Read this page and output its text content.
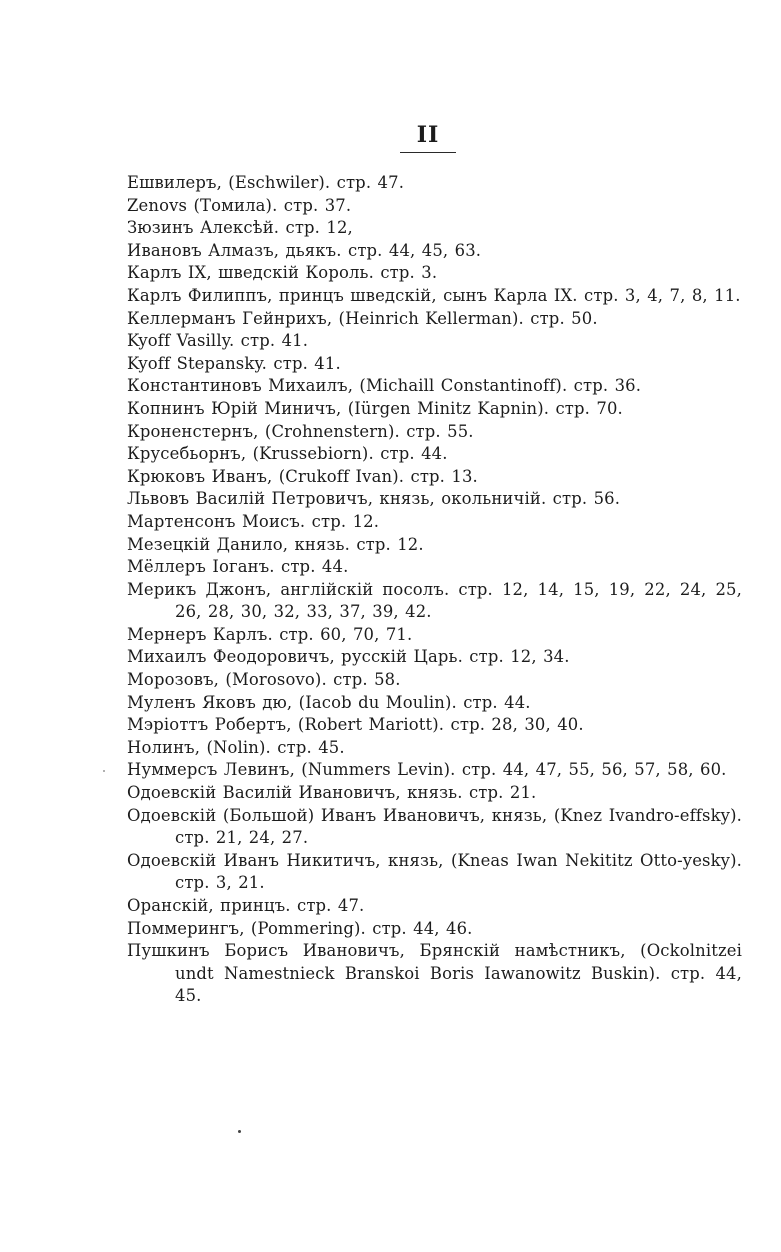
II
Ешвилеръ, (Eschwiler). стр. 47.
Zenovs (Томила). стр. 37.
Зюзинъ Алексѣй. стр. 12,
Ивановъ Алмазъ, дьякъ. стр. 44, 45, 63.
Карлъ IX, шведскій Король. стр. 3.
Карлъ Филиппъ, принцъ шведскій, сынъ Карла IX. стр. 3, 4, 7, 8, 11.
Келлерманъ Гейнрихъ, (Heinrich Kellerman). стр. 50.
Kyoff Vasilly. стр. 41.
Kyoff Stepansky. стр. 41.
Константиновъ Михаилъ, (Michaill Constantinoff). стр. 36.
Копнинъ Юрій Миничъ, (Iürgen Minitz Kapnin). стр. 70.
Кроненстернъ, (Crohnenstern). стр. 55.
Крусебьорнъ, (Krussebiorn). стр. 44.
Крюковъ Иванъ, (Crukoff Ivan). стр. 13.
Львовъ Василій Петровичъ, князь, окольничій. стр. 56.
Мартенсонъ Моисъ. стр. 12.
Мезецкій Данило, князь. стр. 12.
Мёллеръ Іоганъ. стр. 44.
Мерикъ Джонъ, англійскій посолъ. стр. 12, 14, 15, 19, 22, 24, 25, 26, 28, 30, 32, 33, 37, 39, 42.
Мернеръ Карлъ. стр. 60, 70, 71.
Михаилъ Феодоровичъ, русскій Царь. стр. 12, 34.
Морозовъ, (Morosovo). стр. 58.
Муленъ Яковъ дю, (Iacob du Moulin). стр. 44.
Мэріоттъ Робертъ, (Robert Mariott). стр. 28, 30, 40.
Нолинъ, (Nolin). стр. 45.
Нуммерсъ Левинъ, (Nummers Levin). стр. 44, 47, 55, 56, 57, 58, 60.
Одоевскій Василій Ивановичъ, князь. стр. 21.
Одоевскій (Большой) Иванъ Ивановичъ, князь, (Knez Ivandro-effsky). стр. 21, 24, 27.
Одоевскій Иванъ Никитичъ, князь, (Kneas Iwan Nekititz Otto-yesky). стр. 3, 21.
Оранскій, принцъ. стр. 47.
Поммерингъ, (Pommering). стр. 44, 46.
Пушкинъ Борисъ Ивановичъ, Брянскій намѣстникъ, (Ockolnitzei undt Namestnieck Branskoi Boris Iawanowitz Buskin). стр. 44, 45.
